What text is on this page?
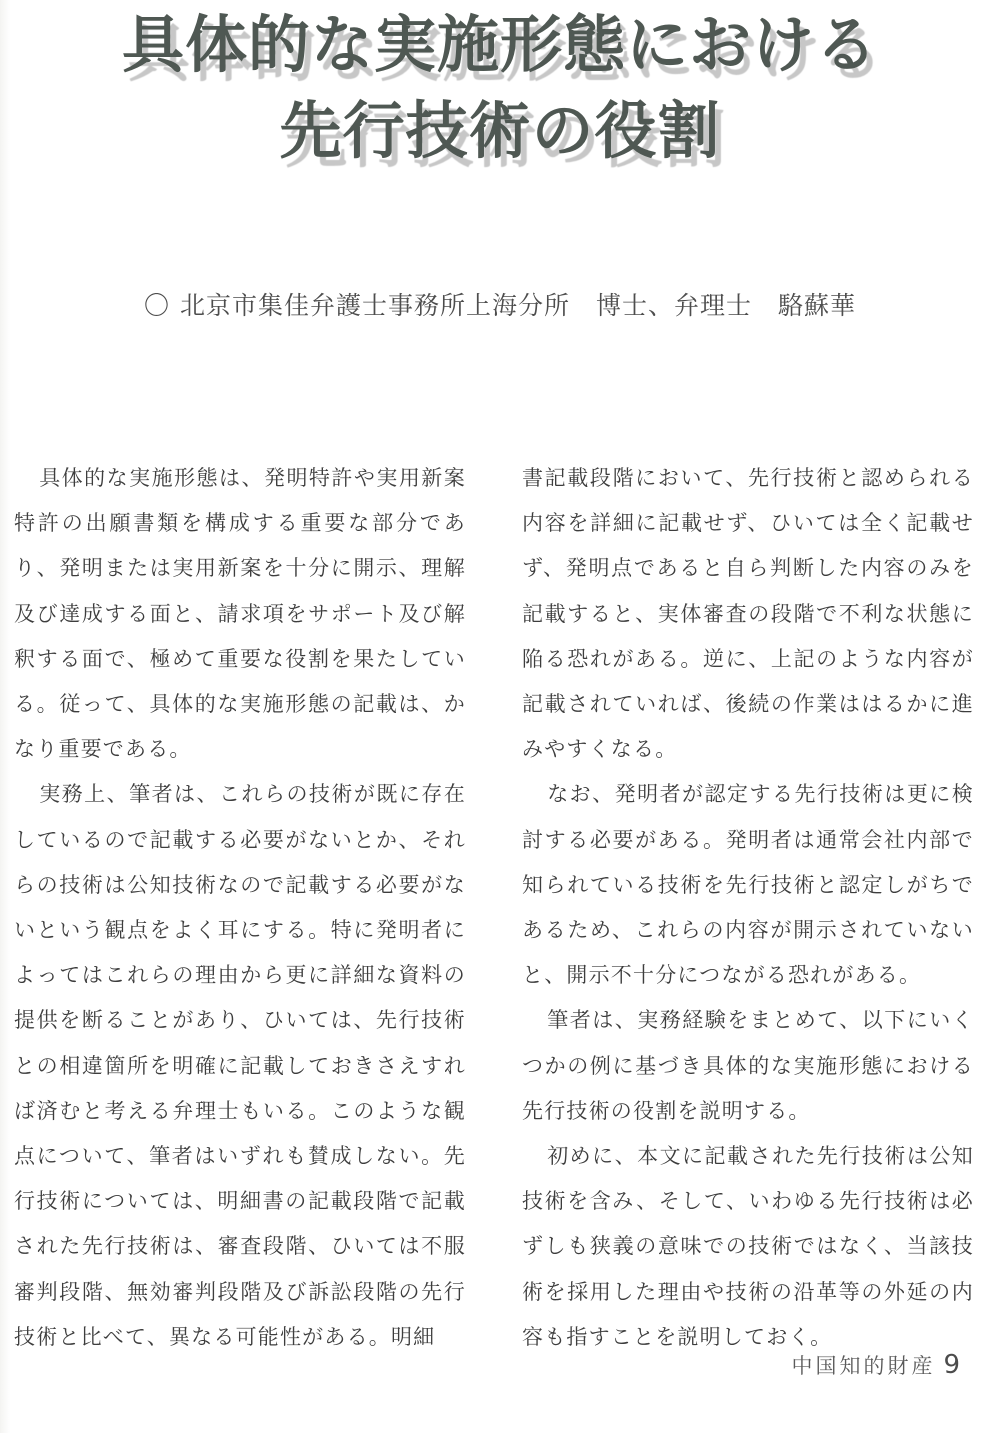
具体的な実施形態における
先行技術の役割
〇 北京市集佳弁護士事務所上海分所　博士、弁理士　駱蘇華

具体的な実施形態は、発明特許や実用新案特許の出願書類を構成する重要な部分であり、発明または実用新案を十分に開示、理解及び達成する面と、請求項をサポート及び解釈する面で、極めて重要な役割を果たしている。従って、具体的な実施形態の記載は、かなり重要である。

実務上、筆者は、これらの技術が既に存在しているので記載する必要がないとか、それらの技術は公知技術なので記載する必要がないという観点をよく耳にする。特に発明者によってはこれらの理由から更に詳細な資料の提供を断ることがあり、ひいては、先行技術との相違箇所を明確に記載しておきさえすれば済むと考える弁理士もいる。このような観点について、筆者はいずれも賛成しない。先行技術については、明細書の記載段階で記載された先行技術は、審査段階、ひいては不服審判段階、無効審判段階及び訴訟段階の先行技術と比べて、異なる可能性がある。明細

書記載段階において、先行技術と認められる内容を詳細に記載せず、ひいては全く記載せず、発明点であると自ら判断した内容のみを記載すると、実体審査の段階で不利な状態に陥る恐れがある。逆に、上記のような内容が記載されていれば、後続の作業ははるかに進みやすくなる。

なお、発明者が認定する先行技術は更に検討する必要がある。発明者は通常会社内部で知られている技術を先行技術と認定しがちであるため、これらの内容が開示されていないと、開示不十分につながる恐れがある。

筆者は、実務経験をまとめて、以下にいくつかの例に基づき具体的な実施形態における先行技術の役割を説明する。

初めに、本文に記載された先行技術は公知技術を含み、そして、いわゆる先行技術は必ずしも狭義の意味での技術ではなく、当該技術を採用した理由や技術の沿革等の外延の内容も指すことを説明しておく。

中国知的財産 9
